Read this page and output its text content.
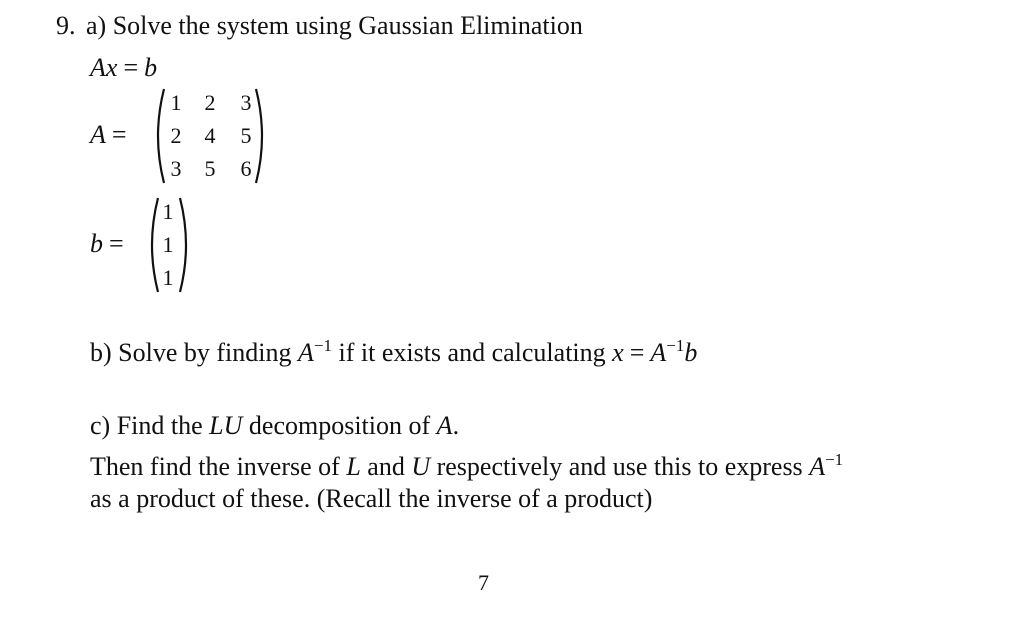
9. a) Solve the system using Gaussian Elimination
Ax = b
A =
1 2 3
2 4 5
3 5 6
b =
1
1
1
b) Solve by finding $A^{-1}$ if it exists and calculating $x = A^{-1}b$
c) Find the LU decomposition of A.
Then find the inverse of L and U respectively and use this to express $A^{-1}$
as a product of these. (Recall the inverse of a product)
7
